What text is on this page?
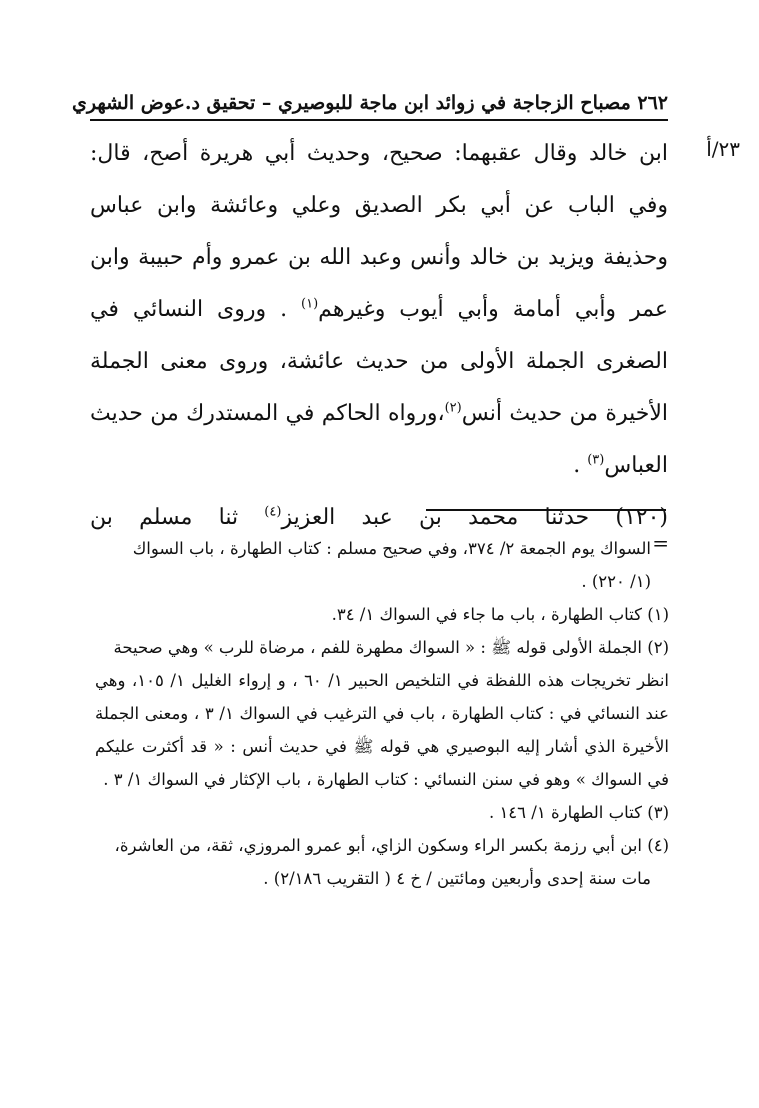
٢٦٢ مصباح الزجاجة في زوائد ابن ماجة للبوصيري – تحقيق د.عوض الشهري
٢٣/أ

ابن خالد وقال عقبهما: صحيح، وحديث أبي هريرة أصح، قال: وفي الباب عن أبي بكر الصديق وعلي وعائشة وابن عباس وحذيفة ويزيد بن خالد وأنس وعبد الله بن عمرو وأم حبيبة وابن عمر وأبي أمامة وأبي أيوب وغيرهم$^{(١)}$ . وروى النسائي في الصغرى الجملة الأولى من حديث عائشة، وروى معنى الجملة الأخيرة من حديث أنس$^{(٢)}$،ورواه الحاكم في المستدرك من حديث العباس$^{(٣)}$ .

(١٢٠) حدثنا محمد بن عبد العزيز$^{(٤)}$ ثنا مسلم بن

=
السواك يوم الجمعة ٢/ ٣٧٤، وفي صحيح مسلم : كتاب الطهارة ، باب السواك

(١/ ٢٢٠) .

(١) كتاب الطهارة ، باب ما جاء في السواك ١/ ٣٤.

(٢) الجملة الأولى قوله ﷺ : « السواك مطهرة للفم ، مرضاة للرب » وهي صحيحة

انظر تخريجات هذه اللفظة في التلخيص الحبير ١/ ٦٠ ، و إرواء الغليل ١/ ١٠٥، وهي عند النسائي في : كتاب الطهارة ، باب في الترغيب في السواك ١/ ٣ ، ومعنى الجملة الأخيرة الذي أشار إليه البوصيري هي قوله ﷺ في حديث أنس : « قد أكثرت عليكم في السواك » وهو في سنن النسائي : كتاب الطهارة ، باب الإكثار في السواك ١/ ٣ .

(٣) كتاب الطهارة ١/ ١٤٦ .

(٤) ابن أبي رزمة بكسر الراء وسكون الزاي، أبو عمرو المروزي، ثقة، من العاشرة،

مات سنة إحدى وأربعين ومائتين / خ ٤ ( التقريب ٢/١٨٦) .
